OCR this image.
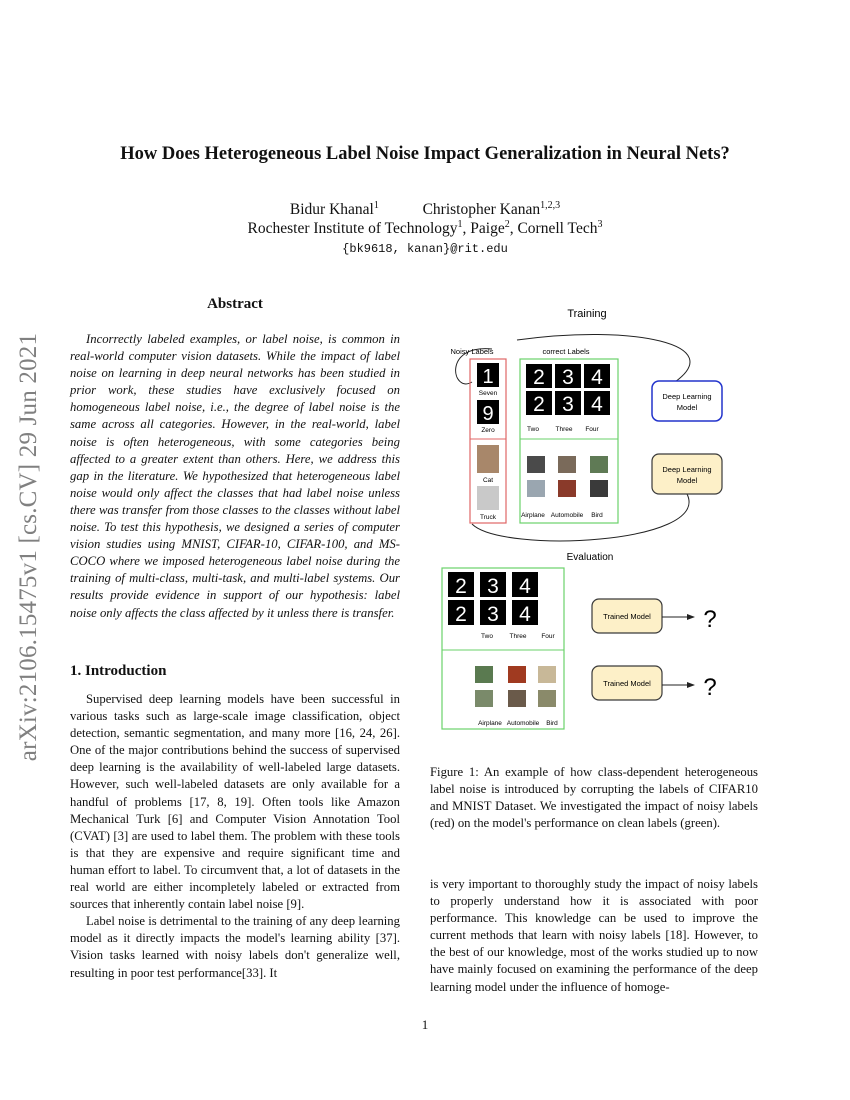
arXiv:2106.15475v1 [cs.CV] 29 Jun 2021
How Does Heterogeneous Label Noise Impact Generalization in Neural Nets?
Bidur Khanal$^1$	Christopher Kanan$^{1,2,3}$
Rochester Institute of Technology$^1$, Paige$^2$, Cornell Tech$^3$
{bk9618, kanan}@rit.edu
Abstract

Incorrectly labeled examples, or label noise, is common in real-world computer vision datasets. While the impact of label noise on learning in deep neural networks has been studied in prior work, these studies have exclusively focused on homogeneous label noise, i.e., the degree of label noise is the same across all categories. However, in the real-world, label noise is often heterogeneous, with some categories being affected to a greater extent than others. Here, we address this gap in the literature. We hypothesized that heterogeneous label noise would only affect the classes that had label noise unless there was transfer from those classes to the classes without label noise. To test this hypothesis, we designed a series of computer vision studies using MNIST, CIFAR-10, CIFAR-100, and MS-COCO where we imposed heterogeneous label noise during the training of multi-class, multi-task, and multi-label systems. Our results provide evidence in support of our hypothesis: label noise only affects the class affected by it unless there is transfer.

1. Introduction

Supervised deep learning models have been successful in various tasks such as large-scale image classification, object detection, semantic segmentation, and many more [16, 24, 26]. One of the major contributions behind the success of supervised deep learning is the availability of well-labeled large datasets. However, such well-labeled datasets are only available for a handful of problems [17, 8, 19]. Often tools like Amazon Mechanical Turk [6] and Computer Vision Annotation Tool (CVAT) [3] are used to label them. The problem with these tools is that they are expensive and require significant time and human effort to label. To circumvent that, a lot of datasets in the real world are either incompletely labeled or extracted from sources that inherently contain label noise [9].

Label noise is detrimental to the training of any deep learning model as it directly impacts the model's learning ability [37]. Vision tasks learned with noisy labels don't generalize well, resulting in poor test performance[33]. It

Training
Noisy Labels	correct Labels
1
Seven
9
Zero
Cat
Truck
2 3 4
2 3 4
Two	Three Four
Airplane Automobile Bird
Deep Learning
Model
Deep Learning
Model
Evaluation
2 3 4
2 3 4
Two	Three Four
Airplane Automobile Bird
Trained Model ?
Trained Model ?

Figure 1: An example of how class-dependent heterogeneous label noise is introduced by corrupting the labels of CIFAR10 and MNIST Dataset. We investigated the impact of noisy labels (red) on the model's performance on clean labels (green).

is very important to thoroughly study the impact of noisy labels to properly understand how it is associated with poor performance. This knowledge can be used to improve the current methods that learn with noisy labels [18]. However, to the best of our knowledge, most of the works studied up to now have mainly focused on examining the performance of the deep learning model under the influence of homoge-

1
